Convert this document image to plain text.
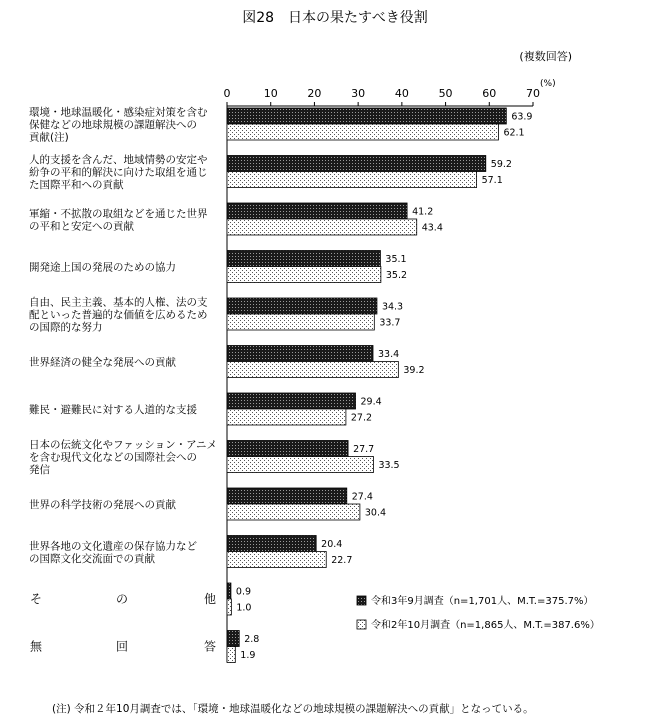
図28　日本の果たすべき役割
(複数回答)
(%)
0	10	20	30	40	50	60	70
63.9
59.2
41.2
35.1
34.3
33.4
29.4
27.7
27.4
20.4
0.9
2.8
62.1
57.1
43.4
35.2
33.7
39.2
27.2
33.5
30.4
22.7
1.0
1.9
環境・地球温暖化・感染症対策を含む
保健などの地球規模の課題解決への
貢献(注)
人的支援を含んだ、地域情勢の安定や
紛争の平和的解決に向けた取組を通じ
た国際平和への貢献
軍縮・不拡散の取組などを通じた世界
の平和と安定への貢献
開発途上国の発展のための協力
自由、民主主義、基本的人権、法の支
配といった普遍的な価値を広めるため
の国際的な努力
世界経済の健全な発展への貢献
難民・避難民に対する人道的な支援
日本の伝統文化やファッション・アニメ
を含む現代文化などの国際社会への
発信
世界の科学技術の発展への貢献
世界各地の文化遺産の保存協力など
の国際文化交流面での貢献
そ	の	他
無	回	答
令和3年9月調査（n=1,701人、M.T.=375.7%）
令和2年10月調査（n=1,865人、M.T.=387.6%）
(注) 令和２年10月調査では、「環境・地球温暖化などの地球規模の課題解決への貢献」となっている。
